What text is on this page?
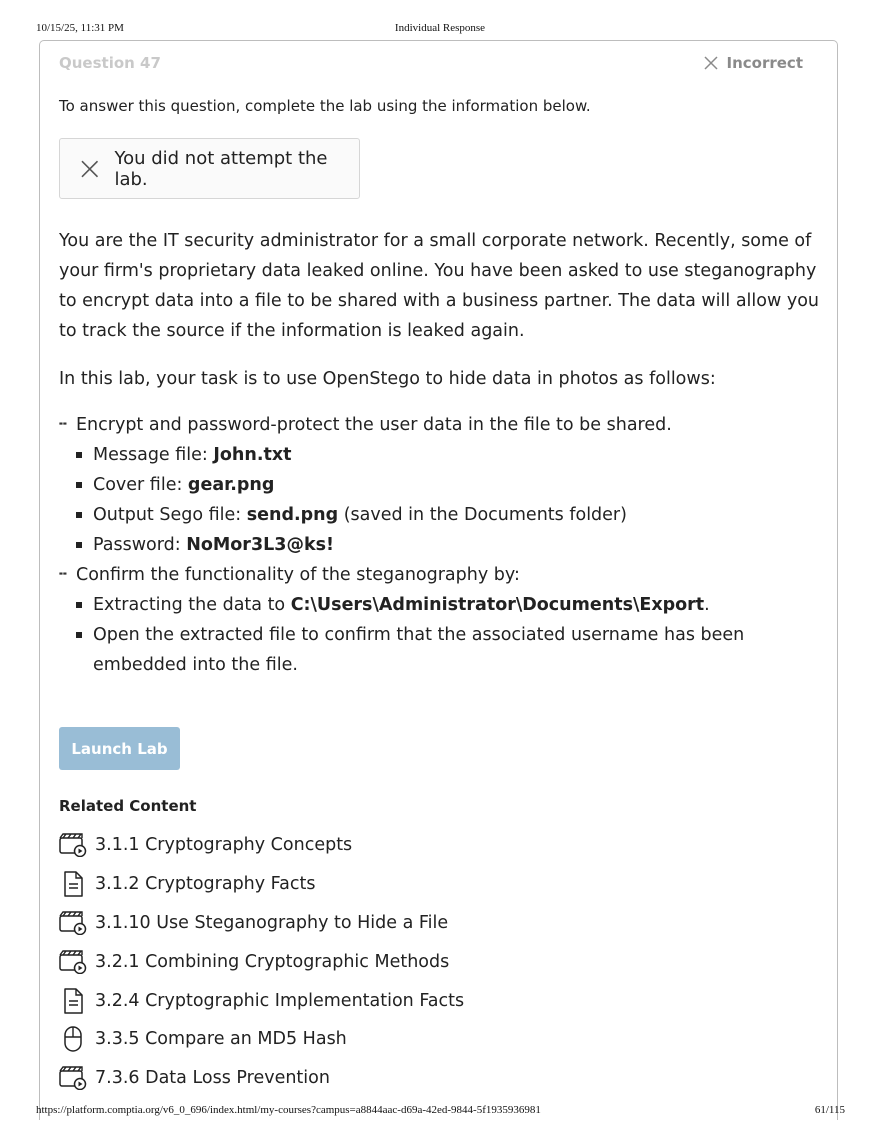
10/15/25, 11:31 PM	Individual Response
Question 47	Incorrect
To answer this question, complete the lab using the information below.
You did not attempt the lab.
You are the IT security administrator for a small corporate network. Recently, some of your firm's proprietary data leaked online. You have been asked to use steganography to encrypt data into a file to be shared with a business partner. The data will allow you to track the source if the information is leaked again.
In this lab, your task is to use OpenStego to hide data in photos as follows:
╍ Encrypt and password-protect the user data in the file to be shared.
Message file: John.txt
Cover file: gear.png
Output Sego file: send.png (saved in the Documents folder)
Password: NoMor3L3@ks!
╍ Confirm the functionality of the steganography by:
Extracting the data to C:\Users\Administrator\Documents\Export.
Open the extracted file to confirm that the associated username has been embedded into the file.
Launch Lab
Related Content
3.1.1 Cryptography Concepts
3.1.2 Cryptography Facts
3.1.10 Use Steganography to Hide a File
3.2.1 Combining Cryptographic Methods
3.2.4 Cryptographic Implementation Facts
3.3.5 Compare an MD5 Hash
7.3.6 Data Loss Prevention
https://platform.comptia.org/v6_0_696/index.html/my-courses?campus=a8844aac-d69a-42ed-9844-5f1935936981	61/115
